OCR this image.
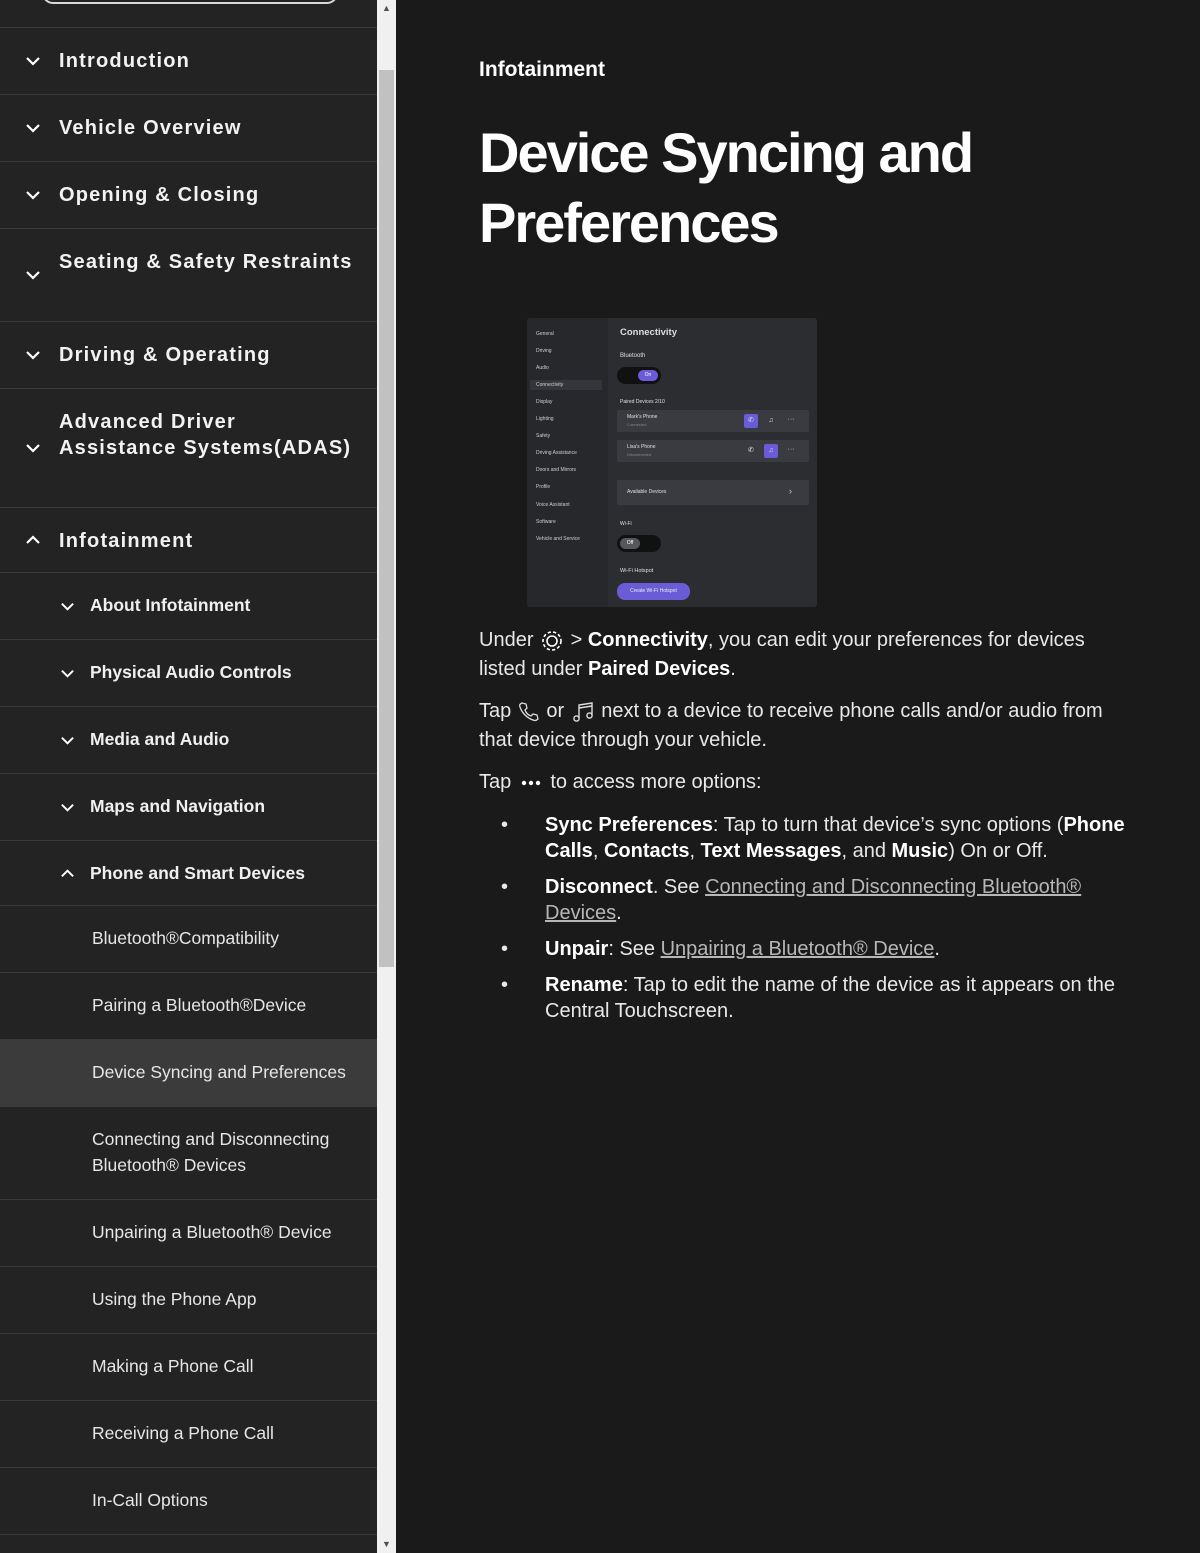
Introduction
Vehicle Overview
Opening & Closing
Seating & Safety Restraints
Driving & Operating
Advanced Driver Assistance Systems(ADAS)
Infotainment
About Infotainment
Physical Audio Controls
Media and Audio
Maps and Navigation
Phone and Smart Devices
Bluetooth®Compatibility
Pairing a Bluetooth®Device
Device Syncing and Preferences
Connecting and Disconnecting Bluetooth® Devices
Unpairing a Bluetooth® Device
Using the Phone App
Making a Phone Call
Receiving a Phone Call
In-Call Options
▲
▼
Infotainment
Device Syncing and Preferences
General
Driving
Audio
Connectivity
Display
Lighting
Safety
Driving Assistance
Doors and Mirrors
Profile
Voice Assistant
Software
Vehicle and Service
Connectivity
Bluetooth
On
Paired Devices 2/10
Mark's Phone
Connected
✆	♫	···
Lisa's Phone
Disconnected
✆	♫	···
Available Devices	›
Wi-Fi
Off
Wi-Fi Hotspot
Create Wi-Fi Hotspot

Under > Connectivity, you can edit your preferences for devices listed under Paired Devices.

Tap or next to a device to receive phone calls and/or audio from that device through your vehicle.

Tap to access more options:

• Sync Preferences: Tap to turn that device’s sync options (Phone Calls, Contacts, Text Messages, and Music) On or Off.
• Disconnect. See Connecting and Disconnecting Bluetooth® Devices.
• Unpair: See Unpairing a Bluetooth® Device.
• Rename: Tap to edit the name of the device as it appears on the Central Touchscreen.
